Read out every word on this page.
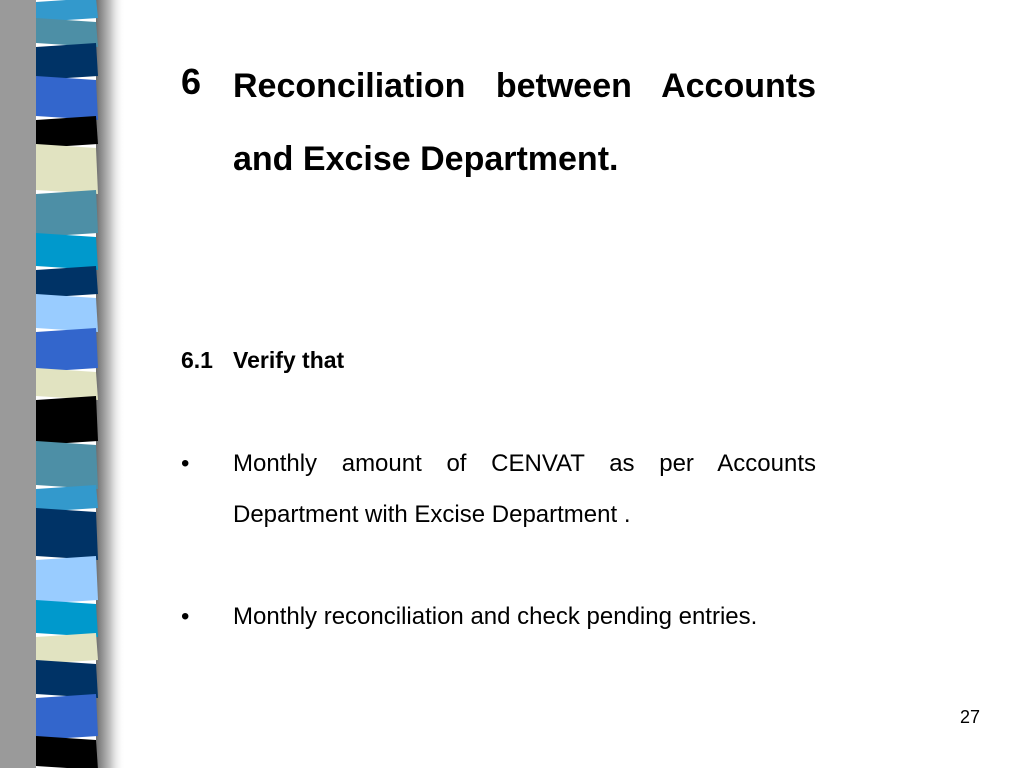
6 Reconciliation between Accounts and Excise Department.

6.1 Verify that
• Monthly amount of CENVAT as per Accounts Department with Excise Department .

• Monthly reconciliation and check pending entries.

27
